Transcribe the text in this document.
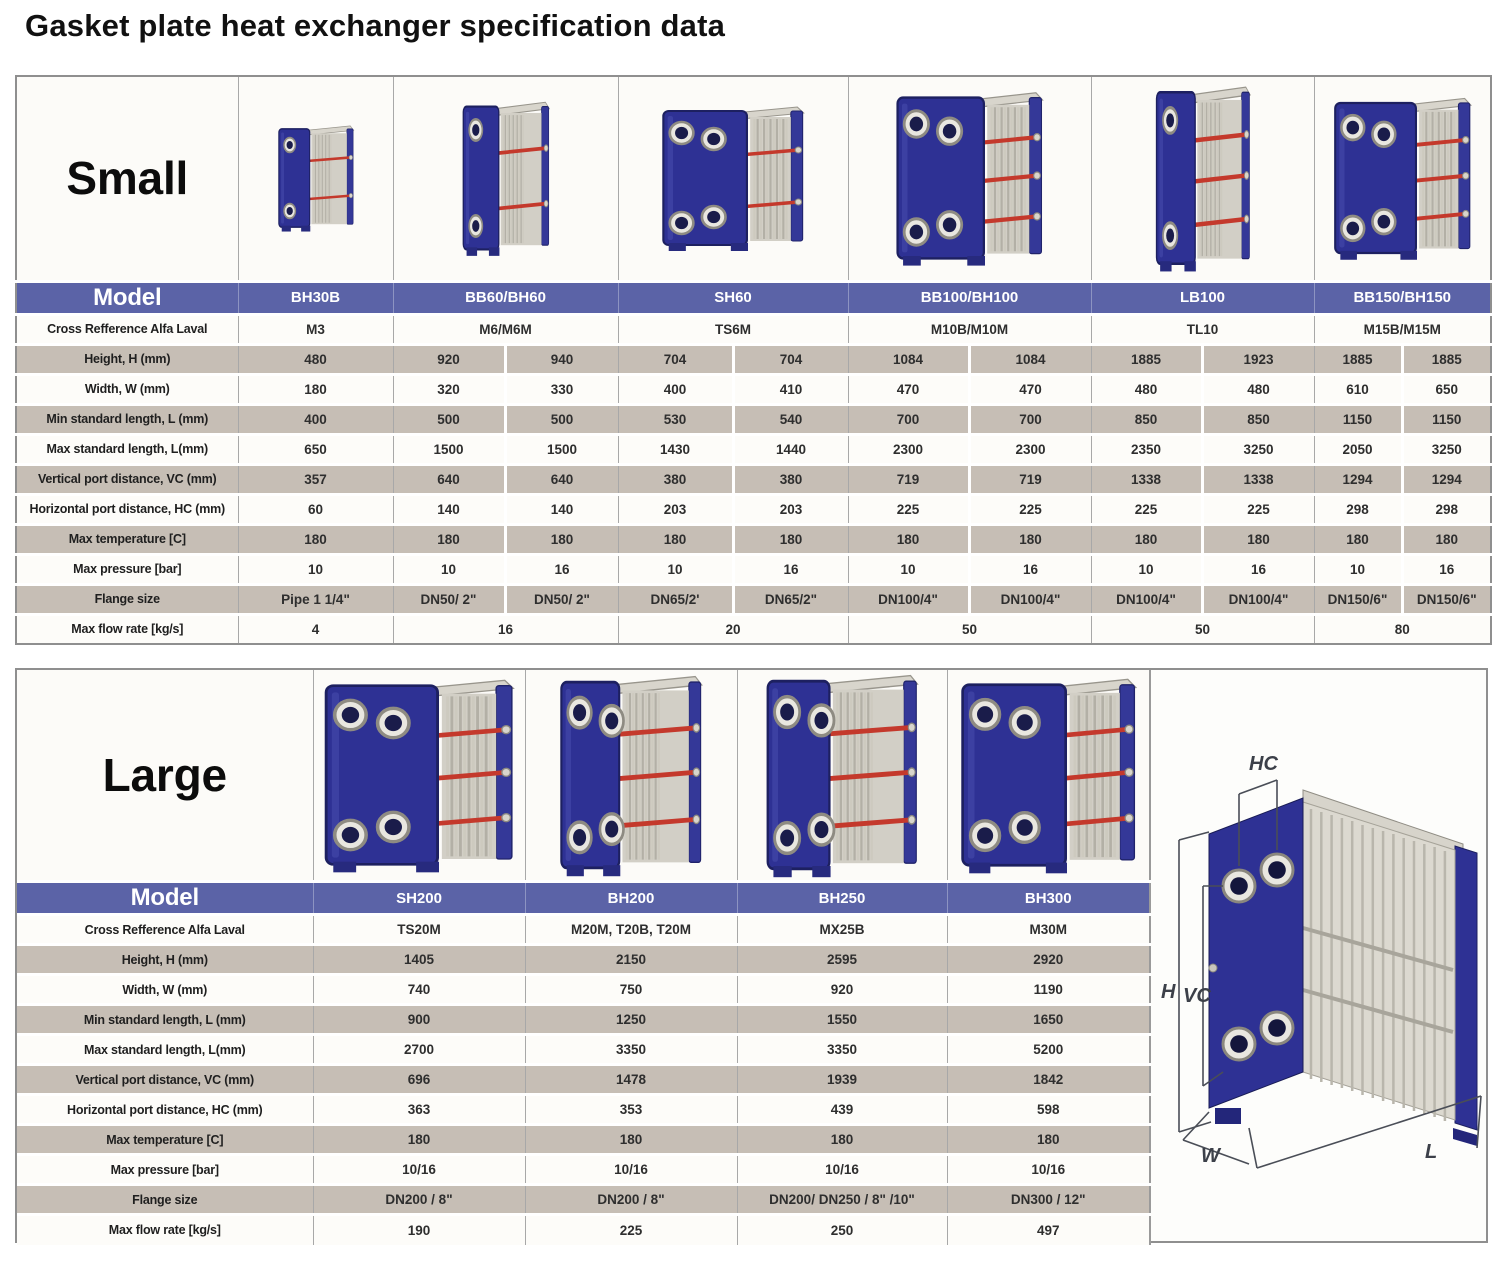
Gasket plate heat exchanger specification data
Small	

Model	BH30B	BB60/BH60		SH60		BB100/BH100		LB100		BB150/BH150	
Cross Refference Alfa Laval	M3	M6/M6M		TS6M		M10B/M10M		TL10		M15B/M15M	
Height, H (mm)	480	920	940	704	704	1084	1084	1885	1923	1885	1885
Width, W (mm)	180	320	330	400	410	470	470	480	480	610	650
Min standard length, L (mm)	400	500	500	530	540	700	700	850	850	1150	1150
Max standard length, L(mm)	650	1500	1500	1430	1440	2300	2300	2350	3250	2050	3250
Vertical port distance, VC (mm)	357	640	640	380	380	719	719	1338	1338	1294	1294
Horizontal port distance, HC (mm)	60	140	140	203	203	225	225	225	225	298	298
Max temperature [C]	180	180	180	180	180	180	180	180	180	180	180
Max pressure [bar]	10	10	16	10	16	10	16	10	16	10	16
Flange size	Pipe 1 1/4"	DN50/ 2"	DN50/ 2"	DN65/2'	DN65/2"	DN100/4"	DN100/4"	DN100/4"	DN100/4"	DN150/6"	DN150/6"
Max flow rate [kg/s]	4	16		20		50		50		80	
Large	

Model	SH200	BH200	BH250	BH300
Cross Refference Alfa Laval	TS20M	M20M, T20B, T20M	MX25B	M30M
Height, H (mm)	1405	2150	2595	2920
Width, W (mm)	740	750	920	1190
Min standard length, L (mm)	900	1250	1550	1650
Max standard length, L(mm)	2700	3350	3350	5200
Vertical port distance, VC (mm)	696	1478	1939	1842
Horizontal port distance, HC (mm)	363	353	439	598
Max temperature [C]	180	180	180	180
Max pressure [bar]	10/16	10/16	10/16	10/16
Flange size	DN200 / 8"	DN200 / 8"	DN200/ DN250 / 8" /10"	DN300 / 12"
Max flow rate [kg/s]	190	225	250	497
HC
H VC
W	L
